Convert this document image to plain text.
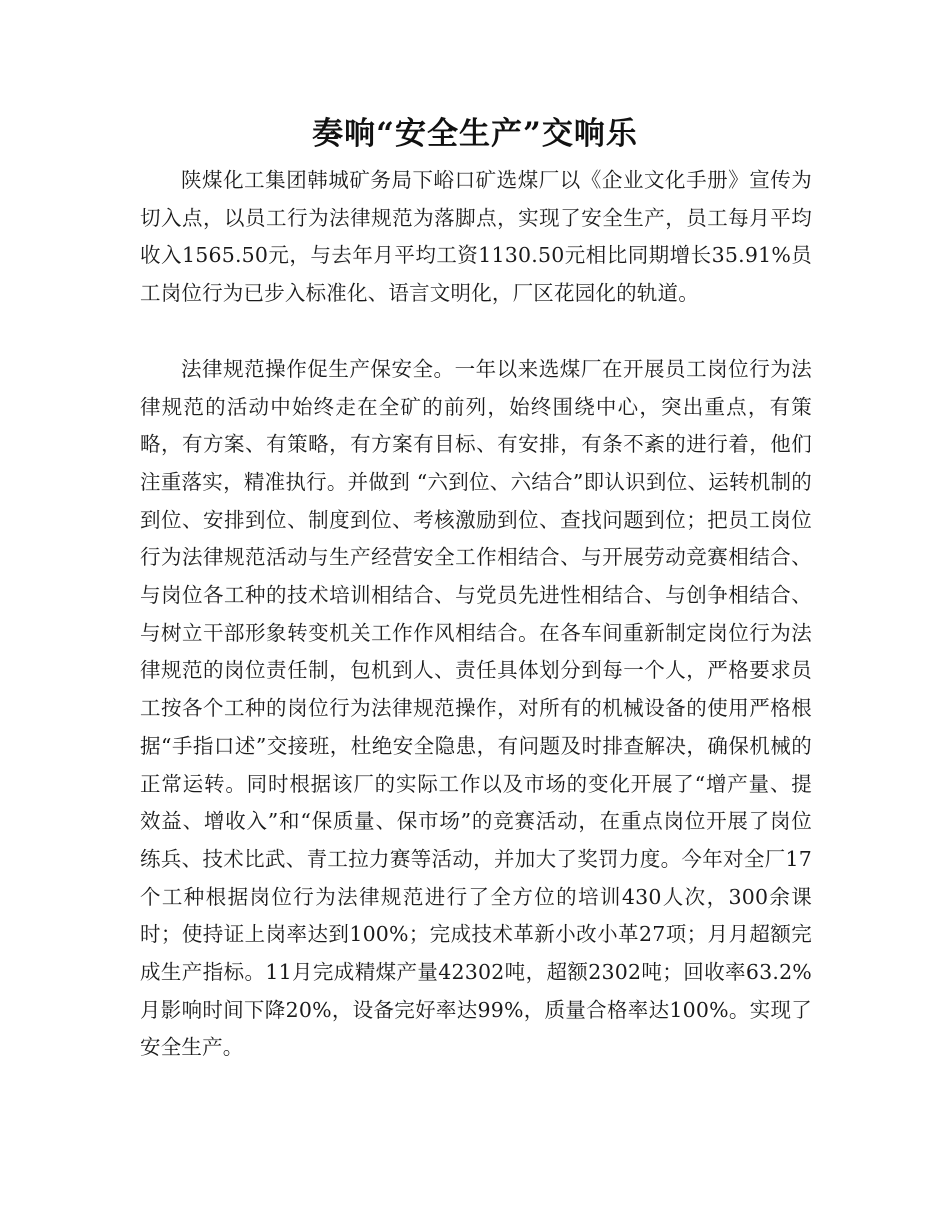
奏响“安全生产”交响乐

陕煤化工集团韩城矿务局下峪口矿选煤厂以《企业文化手册》宣传为切入点，以员工行为法律规范为落脚点，实现了安全生产，员工每月平均收入1565.50元，与去年月平均工资1130.50元相比同期增长35.91%员工岗位行为已步入标准化、语言文明化，厂区花园化的轨道。

法律规范操作促生产保安全。一年以来选煤厂在开展员工岗位行为法律规范的活动中始终走在全矿的前列，始终围绕中心，突出重点，有策略，有方案、有策略，有方案有目标、有安排，有条不紊的进行着，他们注重落实，精准执行。并做到 “六到位、六结合”即认识到位、运转机制的到位、安排到位、制度到位、考核激励到位、查找问题到位；把员工岗位行为法律规范活动与生产经营安全工作相结合、与开展劳动竞赛相结合、与岗位各工种的技术培训相结合、与党员先进性相结合、与创争相结合、与树立干部形象转变机关工作作风相结合。在各车间重新制定岗位行为法律规范的岗位责任制，包机到人、责任具体划分到每一个人，严格要求员工按各个工种的岗位行为法律规范操作，对所有的机械设备的使用严格根据“手指口述”交接班，杜绝安全隐患，有问题及时排查解决，确保机械的正常运转。同时根据该厂的实际工作以及市场的变化开展了“增产量、提效益、增收入”和“保质量、保市场”的竞赛活动，在重点岗位开展了岗位练兵、技术比武、青工拉力赛等活动，并加大了奖罚力度。今年对全厂17个工种根据岗位行为法律规范进行了全方位的培训430人次，300余课时；使持证上岗率达到100%；完成技术革新小改小革27项；月月超额完成生产指标。11月完成精煤产量42302吨，超额2302吨；回收率63.2%月影响时间下降20%，设备完好率达99%，质量合格率达100%。实现了安全生产。
